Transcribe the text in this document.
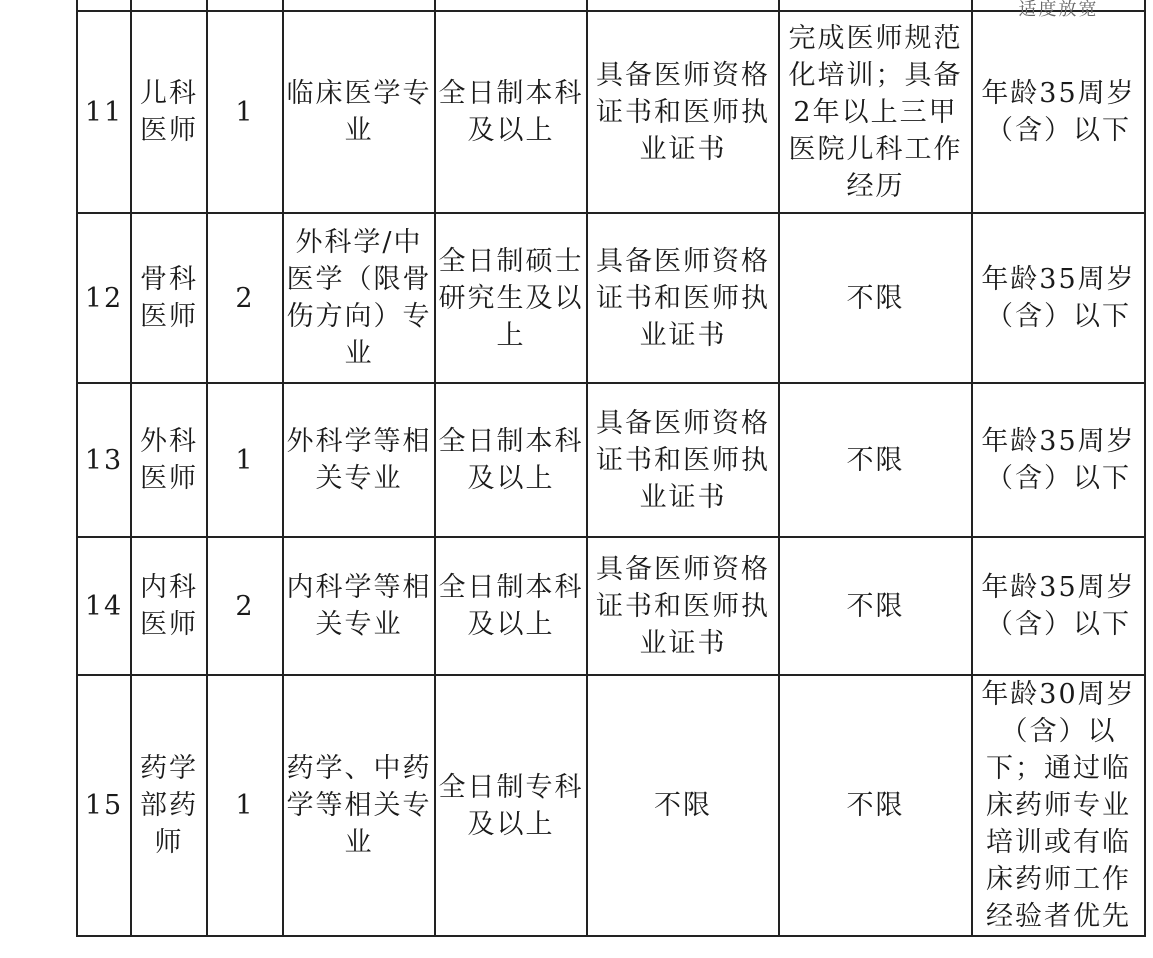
							适度放宽

11	儿科医师	1	临床医学专业	全日制本科及以上	具备医师资格证书和医师执业证书	完成医师规范化培训；具备2年以上三甲医院儿科工作经历	年龄35周岁（含）以下
12	骨科医师	2	外科学/中医学（限骨伤方向）专业	全日制硕士研究生及以上	具备医师资格证书和医师执业证书	不限	年龄35周岁（含）以下
13	外科医师	1	外科学等相关专业	全日制本科及以上	具备医师资格证书和医师执业证书	不限	年龄35周岁（含）以下
14	内科医师	2	内科学等相关专业	全日制本科及以上	具备医师资格证书和医师执业证书	不限	年龄35周岁（含）以下
15	药学部药师	1	药学、中药学等相关专业	全日制专科及以上	不限	不限	年龄30周岁（含）以下；通过临床药师专业培训或有临床药师工作经验者优先
